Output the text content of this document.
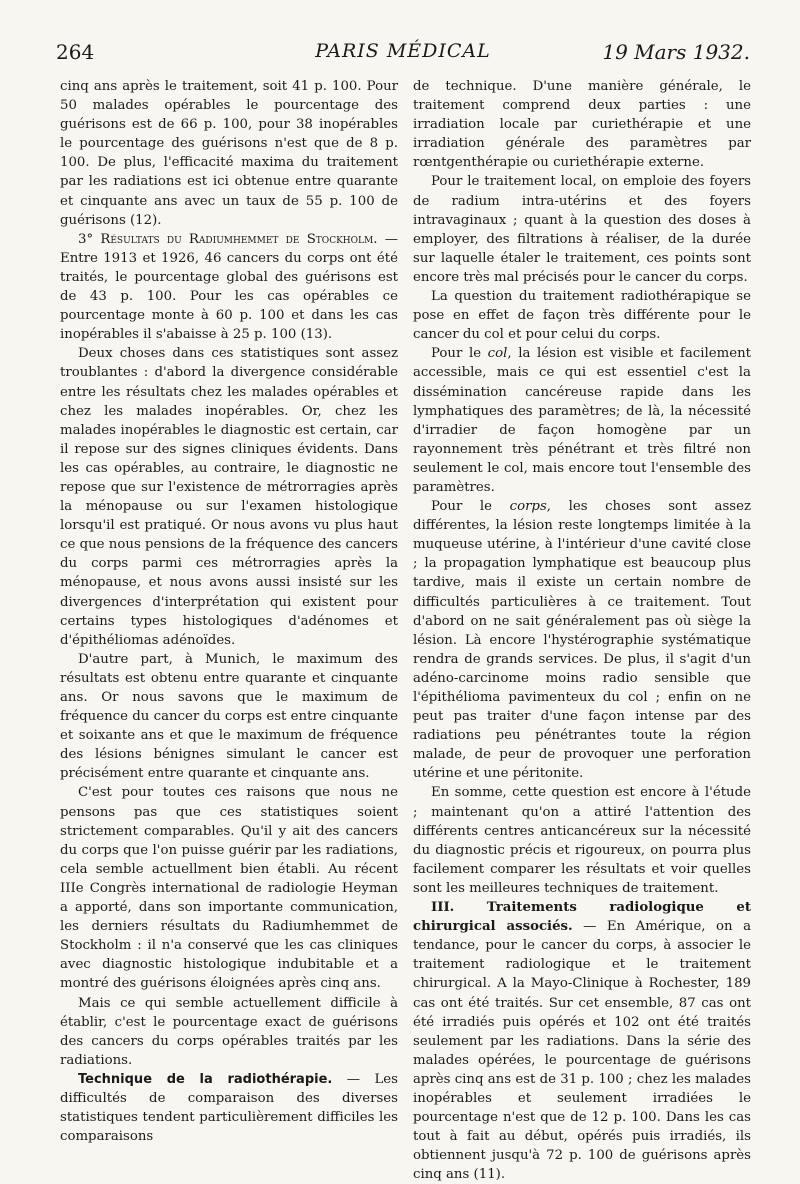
264	PARIS MÉDICAL	19 Mars 1932.

cinq ans après le traitement, soit 41 p. 100. Pour 50 malades opérables le pourcentage des guérisons est de 66 p. 100, pour 38 inopérables le pourcentage des guérisons n'est que de 8 p. 100. De plus, l'efficacité maxima du traitement par les radiations est ici obtenue entre quarante et cinquante ans avec un taux de 55 p. 100 de guérisons (12).

3° Résultats du Radiumhemmet de Stockholm. — Entre 1913 et 1926, 46 cancers du corps ont été traités, le pourcentage global des guérisons est de 43 p. 100. Pour les cas opérables ce pourcentage monte à 60 p. 100 et dans les cas inopérables il s'abaisse à 25 p. 100 (13).

Deux choses dans ces statistiques sont assez troublantes : d'abord la divergence considérable entre les résultats chez les malades opérables et chez les malades inopérables. Or, chez les malades inopérables le diagnostic est certain, car il repose sur des signes cliniques évidents. Dans les cas opérables, au contraire, le diagnostic ne repose que sur l'existence de métrorragies après la ménopause ou sur l'examen histologique lorsqu'il est pratiqué. Or nous avons vu plus haut ce que nous pensions de la fréquence des cancers du corps parmi ces métrorragies après la ménopause, et nous avons aussi insisté sur les divergences d'interprétation qui existent pour certains types histologiques d'adénomes et d'épithéliomas adénoïdes.

D'autre part, à Munich, le maximum des résultats est obtenu entre quarante et cinquante ans. Or nous savons que le maximum de fréquence du cancer du corps est entre cinquante et soixante ans et que le maximum de fréquence des lésions bénignes simulant le cancer est précisément entre quarante et cinquante ans.

C'est pour toutes ces raisons que nous ne pensons pas que ces statistiques soient strictement comparables. Qu'il y ait des cancers du corps que l'on puisse guérir par les radiations, cela semble actuellment bien établi. Au récent IIIe Congrès international de radiologie Heyman a apporté, dans son importante communication, les derniers résultats du Radiumhemmet de Stockholm : il n'a conservé que les cas cliniques avec diagnostic histologique indubitable et a montré des guérisons éloignées après cinq ans.

Mais ce qui semble actuellement difficile à établir, c'est le pourcentage exact de guérisons des cancers du corps opérables traités par les radiations.

Technique de la radiothérapie. — Les difficultés de comparaison des diverses statistiques tendent particulièrement difficiles les comparaisons

de technique. D'une manière générale, le traitement comprend deux parties : une irradiation locale par curiethérapie et une irradiation générale des paramètres par rœntgenthérapie ou curiethérapie externe.

Pour le traitement local, on emploie des foyers de radium intra-utérins et des foyers intravaginaux ; quant à la question des doses à employer, des filtrations à réaliser, de la durée sur laquelle étaler le traitement, ces points sont encore très mal précisés pour le cancer du corps.

La question du traitement radiothérapique se pose en effet de façon très différente pour le cancer du col et pour celui du corps.

Pour le col, la lésion est visible et facilement accessible, mais ce qui est essentiel c'est la dissémination cancéreuse rapide dans les lymphatiques des paramètres; de là, la nécessité d'irradier de façon homogène par un rayonnement très pénétrant et très filtré non seulement le col, mais encore tout l'ensemble des paramètres.

Pour le corps, les choses sont assez différentes, la lésion reste longtemps limitée à la muqueuse utérine, à l'intérieur d'une cavité close ; la propagation lymphatique est beaucoup plus tardive, mais il existe un certain nombre de difficultés particulières à ce traitement. Tout d'abord on ne sait généralement pas où siège la lésion. Là encore l'hystérographie systématique rendra de grands services. De plus, il s'agit d'un adéno-carcinome moins radio sensible que l'épithélioma pavimenteux du col ; enfin on ne peut pas traiter d'une façon intense par des radiations peu pénétrantes toute la région malade, de peur de provoquer une perforation utérine et une péritonite.

En somme, cette question est encore à l'étude ; maintenant qu'on a attiré l'attention des différents centres anticancéreux sur la nécessité du diagnostic précis et rigoureux, on pourra plus facilement comparer les résultats et voir quelles sont les meilleures techniques de traitement.

III. Traitements radiologique et chirurgical associés. — En Amérique, on a tendance, pour le cancer du corps, à associer le traitement radiologique et le traitement chirurgical. A la Mayo-Clinique à Rochester, 189 cas ont été traités. Sur cet ensemble, 87 cas ont été irradiés puis opérés et 102 ont été traités seulement par les radiations. Dans la série des malades opérées, le pourcentage de guérisons après cinq ans est de 31 p. 100 ; chez les malades inopérables et seulement irradiées le pourcentage n'est que de 12 p. 100. Dans les cas tout à fait au début, opérés puis irradiés, ils obtiennent jusqu'à 72 p. 100 de guérisons après cinq ans (11).
